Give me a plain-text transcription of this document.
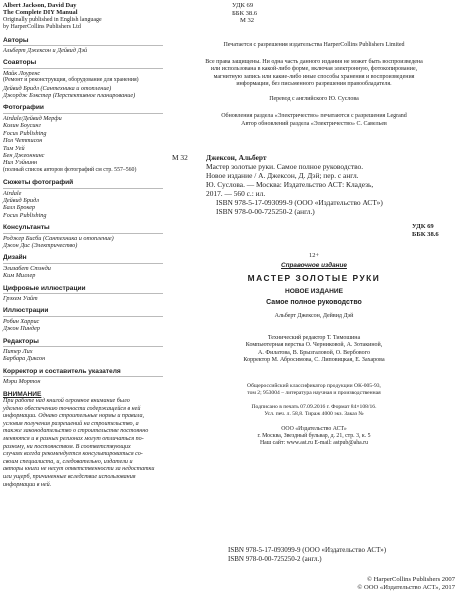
Albert Jackson, David Day
The Complete DIY Manual
Originally published in English language
by HarperCollins Publishers Ltd
Авторы
Альберт Джексон и Дейвид Дэй
Соавторы
Майк Лоуренс
(Ремонт и реконструкция, оборудование для хранения)
Дейвид Бридл (Сантехника и отопление)
Джордж Бэкстер (Перспективное планирование)
Фотографии
Airdale/Дейвид Мерфи
Колин Боусинг
Focus Publishing
Пол Четтисон
Тим Уей
Бен Джеоннинс
Нил Уэйнинн
(полный список авторов фотографий см стр. 557–560)
Сюжеты фотографий
Airdale
Дейвид Бридл
Балл Брокер
Focus Publishing
Консультанты
Роджер Бисби (Сантехника и отопление)
Джон Дис (Электричество)
Дизайн
Элизабет Стэнди
Ким Миллер
Цифровые иллюстрации
Грэхем Уайт
Иллюстрации
Робин Харрис
Джон Пиндер
Редакторы
Питер Лих
Барбара Диксон
Корректор и составитель указателя
Мэри Мортон
ВНИМАНИЕ
При работе над книгой огромное внимание было
уделено обеспечению точности содержащейся в ней
информации. Однако строительные нормы и правила,
условия получения разрешений на строительство, а
также законодательство о строительстве постоянно
меняются и в разных регионах могут отличаться по-
разному, ни постоянством. В соответствующих
случаях всегда рекомендуется консультироваться со-
своим специалиста, и, следовательно, издатели и
авторы книги не несут ответственности за недостатки
или ущерб, причиненные вследствие использования
информации в ней.
УДК 69
ББК 38.6
М 32
Печатается с разрешения издательства HarperCollins Publishers Limited
Все права защищены. Ни одна часть данного издания не может быть воспроизведена
или использована в какой-либо форме, включая электронную, фотокопирование,
магнитную запись или какие-либо иные способы хранения и воспроизведения
информации, без письменного разрешения правообладателя.
Перевод с английского Ю. Суслова
Обновления раздела «Электричество» печатаются с разрешения Legrand
Автор обновлений раздела «Электричество» С. Савельев
М 32 Джексон, Альберт
Мастер золотые руки. Самое полное руководство.
Новое издание / А. Джексон, Д. Дэй; пер. с англ.
Ю. Суслова. — Москва: Издательство АСТ: Кладезь,
2017. — 560 с.: ил.
ISBN 978-5-17-093099-9 (ООО «Издательство АСТ»)
ISBN 978-0-00-725250-2 (англ.)
УДК 69
ББК 38.6
12+
Справочное издание
МАСТЕР ЗОЛОТЫЕ РУКИ
НОВОЕ ИЗДАНИЕ
Самое полное руководство
Альберт Джексон, Дейвид Дэй
Технический редактор Т. Тимошина
Компьютерная верстка О. Черниковой, А. Зотакиной,
А. Филатова, В. Брызгаловой, О. Вербового
Корректор М. Абросимова, С. Липовицкая, Е. Захарова
Общероссийский классификатор продукции ОК-005-93,
том 2; 953004 – литература научная и производственная
Подписано в печать 07.09.2016 г. Формат 84×108/16.
Усл. печ. л. 58,8. Тираж 4000 экз. Заказ №
ООО «Издательство АСТ»
г. Москва, Звездный бульвар, д. 21, стр. 3, к. 5
Наш сайт: www.ast.ru E-mail: astpub@aha.ru
ISBN 978-5-17-093099-9 (ООО «Издательство АСТ»)
ISBN 978-0-00-725250-2 (англ.)
© HarperCollins Publishers 2007
© ООО «Издательство АСТ», 2017
